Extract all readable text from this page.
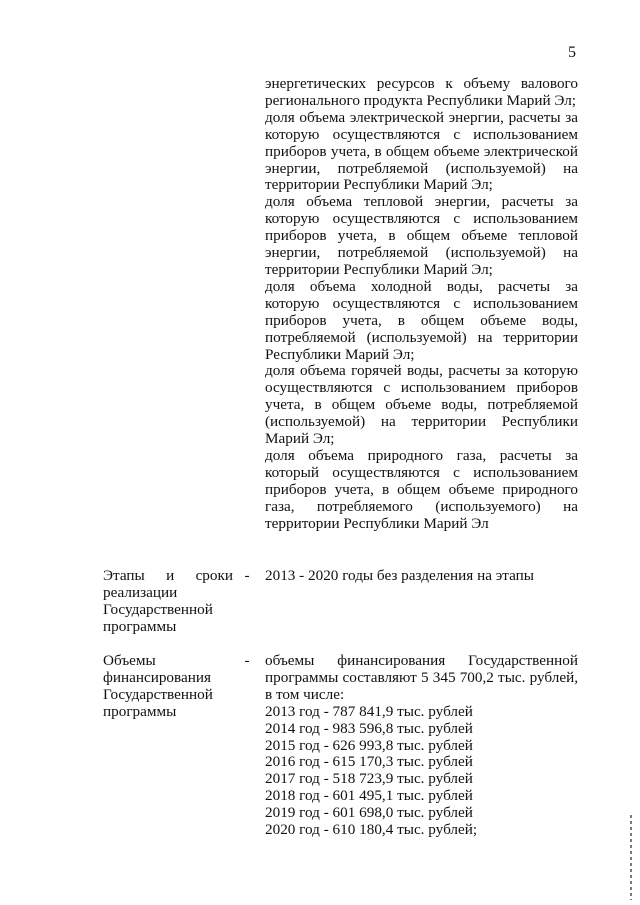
5
энергетических ресурсов к объему валового регионального продукта Республики Марий Эл;
доля объема электрической энергии, расчеты за которую осуществляются с использованием приборов учета, в общем объеме электрической энергии, потребляемой (используемой) на территории Республики Марий Эл;
доля объема тепловой энергии, расчеты за которую осуществляются с использованием приборов учета, в общем объеме тепловой энергии, потребляемой (используемой) на территории Республики Марий Эл;
доля объема холодной воды, расчеты за которую осуществляются с использованием приборов учета, в общем объеме воды, потребляемой (используемой) на территории Республики Марий Эл;
доля объема горячей воды, расчеты за которую осуществляются с использованием приборов учета, в общем объеме воды, потребляемой (используемой) на территории Республики Марий Эл;
доля объема природного газа, расчеты за который осуществляются с использованием приборов учета, в общем объеме природного газа, потребляемого (используемого) на территории Республики Марий Эл
Этапы и сроки
реализации
Государственной
программы
- 2013 - 2020 годы без разделения на этапы
Объемы
финансирования
Государственной
программы
- объемы финансирования Государственной программы составляют 5 345 700,2 тыс. рублей, в том числе:
2013 год - 787 841,9 тыс. рублей
2014 год - 983 596,8 тыс. рублей
2015 год - 626 993,8 тыс. рублей
2016 год - 615 170,3 тыс. рублей
2017 год - 518 723,9 тыс. рублей
2018 год - 601 495,1 тыс. рублей
2019 год - 601 698,0 тыс. рублей
2020 год - 610 180,4 тыс. рублей;
